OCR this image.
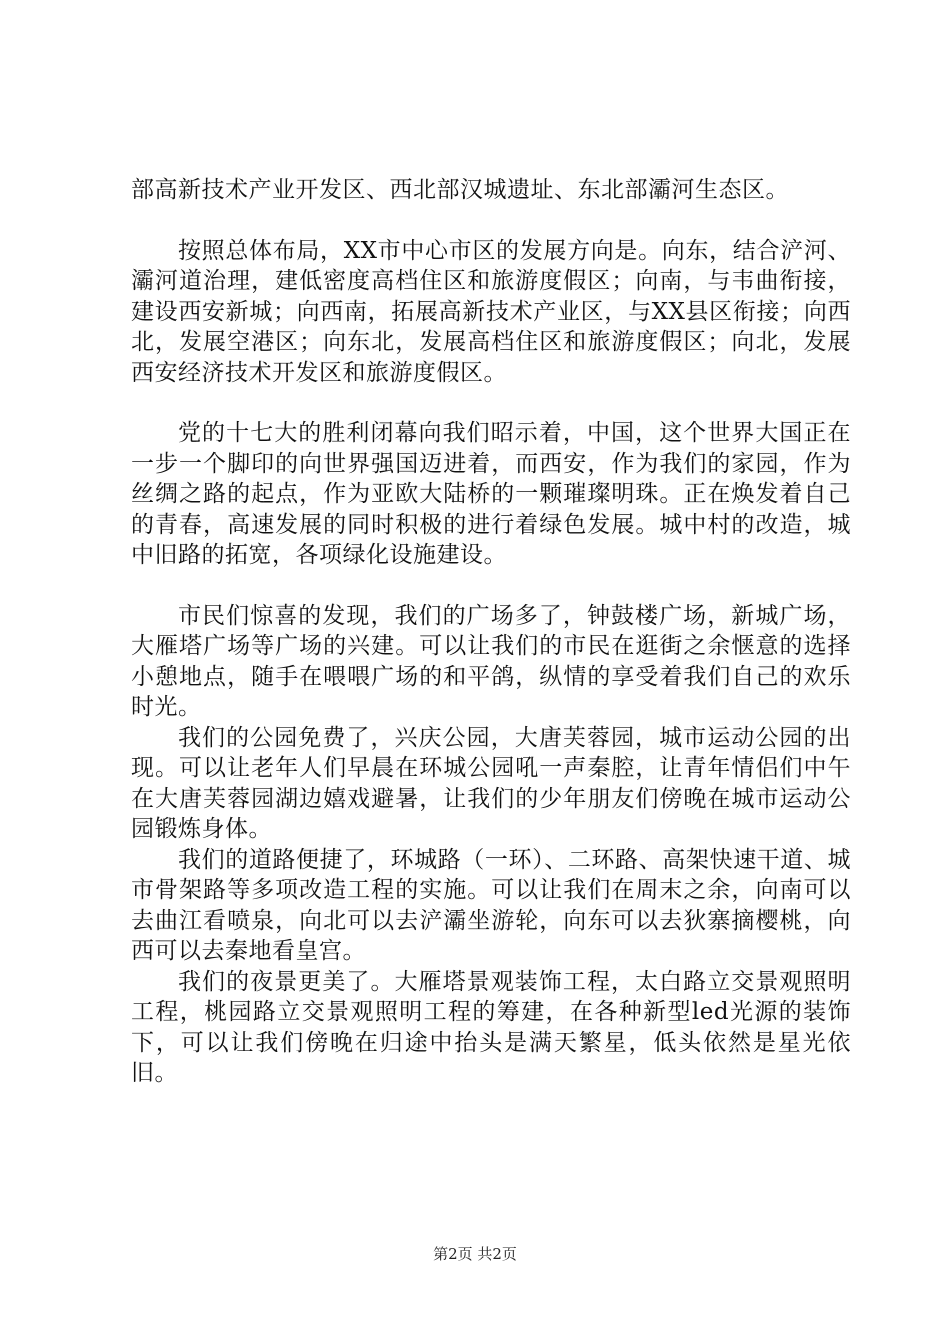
部高新技术产业开发区、西北部汉城遗址、东北部灞河生态区。

按照总体布局，XX市中心市区的发展方向是。向东，结合浐河、灞河道治理，建低密度高档住区和旅游度假区；向南，与韦曲衔接，建设西安新城；向西南，拓展高新技术产业区，与XX县区衔接；向西北，发展空港区；向东北，发展高档住区和旅游度假区；向北，发展西安经济技术开发区和旅游度假区。

党的十七大的胜利闭幕向我们昭示着，中国，这个世界大国正在一步一个脚印的向世界强国迈进着，而西安，作为我们的家园，作为丝绸之路的起点，作为亚欧大陆桥的一颗璀璨明珠。正在焕发着自己的青春，高速发展的同时积极的进行着绿色发展。城中村的改造，城中旧路的拓宽，各项绿化设施建设。

市民们惊喜的发现，我们的广场多了，钟鼓楼广场，新城广场，大雁塔广场等广场的兴建。可以让我们的市民在逛街之余惬意的选择小憩地点，随手在喂喂广场的和平鸽，纵情的享受着我们自己的欢乐时光。

我们的公园免费了，兴庆公园，大唐芙蓉园，城市运动公园的出现。可以让老年人们早晨在环城公园吼一声秦腔，让青年情侣们中午在大唐芙蓉园湖边嬉戏避暑，让我们的少年朋友们傍晚在城市运动公园锻炼身体。

我们的道路便捷了，环城路（一环）、二环路、高架快速干道、城市骨架路等多项改造工程的实施。可以让我们在周末之余，向南可以去曲江看喷泉，向北可以去浐灞坐游轮，向东可以去狄寨摘樱桃，向西可以去秦地看皇宫。

我们的夜景更美了。大雁塔景观装饰工程，太白路立交景观照明工程，桃园路立交景观照明工程的筹建，在各种新型led光源的装饰下，可以让我们傍晚在归途中抬头是满天繁星，低头依然是星光依旧。

第2页 共2页
